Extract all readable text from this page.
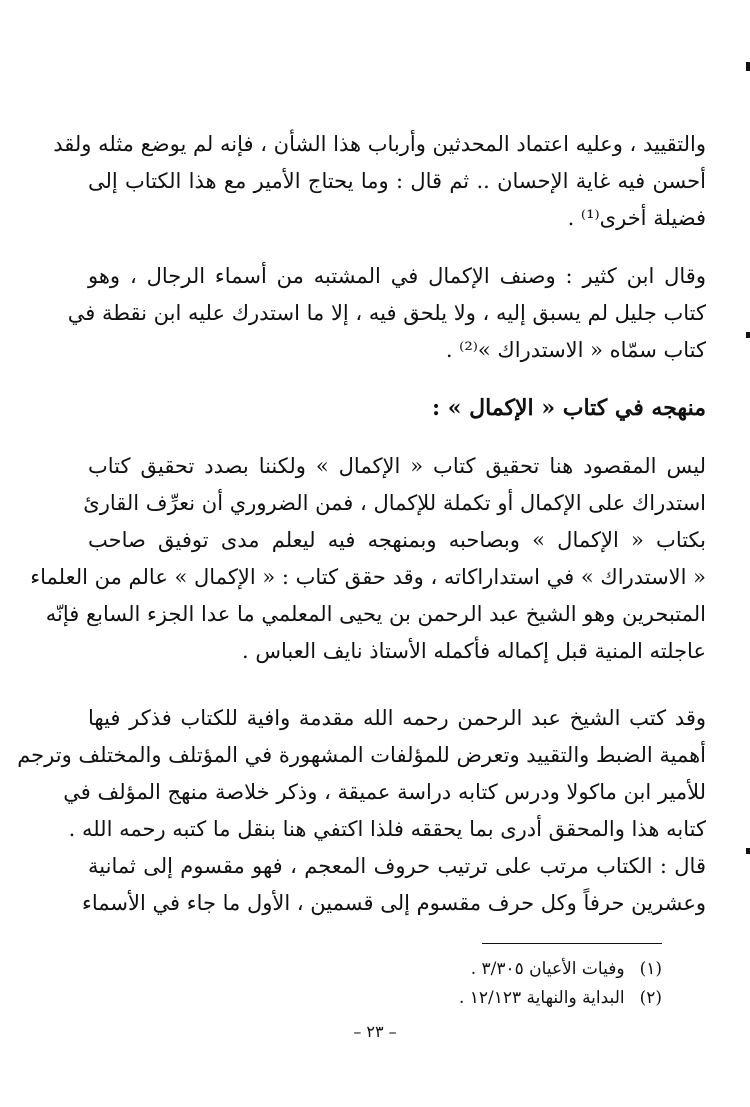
والتقييد ، وعليه اعتماد المحدثين وأرباب هذا الشأن ، فإنه لم يوضع مثله ولقد
أحسن فيه غاية الإحسان .. ثم قال : وما يحتاج الأمير مع هذا الكتاب إلى
فضيلة أخرى⁽¹⁾ .
وقال ابن كثير : وصنف الإكمال في المشتبه من أسماء الرجال ، وهو
كتاب جليل لم يسبق إليه ، ولا يلحق فيه ، إلا ما استدرك عليه ابن نقطة في
كتاب سمّاه « الاستدراك »⁽²⁾ .
منهجه في كتاب « الإكمال » :
ليس المقصود هنا تحقيق كتاب « الإكمال » ولكننا بصدد تحقيق كتاب
استدراك على الإكمال أو تكملة للإكمال ، فمن الضروري أن نعرِّف القارئ
بكتاب « الإكمال » وبصاحبه وبمنهجه فيه ليعلم مدى توفيق صاحب
« الاستدراك » في استداراكاته ، وقد حقق كتاب : « الإكمال » عالم من العلماء
المتبحرين وهو الشيخ عبد الرحمن بن يحيى المعلمي ما عدا الجزء السابع فإنّه
عاجلته المنية قبل إكماله فأكمله الأستاذ نايف العباس .
وقد كتب الشيخ عبد الرحمن رحمه الله مقدمة وافية للكتاب فذكر فيها
أهمية الضبط والتقييد وتعرض للمؤلفات المشهورة في المؤتلف والمختلف وترجم
للأمير ابن ماكولا ودرس كتابه دراسة عميقة ، وذكر خلاصة منهج المؤلف في
كتابه هذا والمحقق أدرى بما يحققه فلذا اكتفي هنا بنقل ما كتبه رحمه الله .
قال : الكتاب مرتب على ترتيب حروف المعجم ، فهو مقسوم إلى ثمانية
وعشرين حرفاً وكل حرف مقسوم إلى قسمين ، الأول ما جاء في الأسماء
(١) وفيات الأعيان ٣/٣٠٥ .
(٢) البداية والنهاية ١٢/١٢٣ .
– ٢٣ –
